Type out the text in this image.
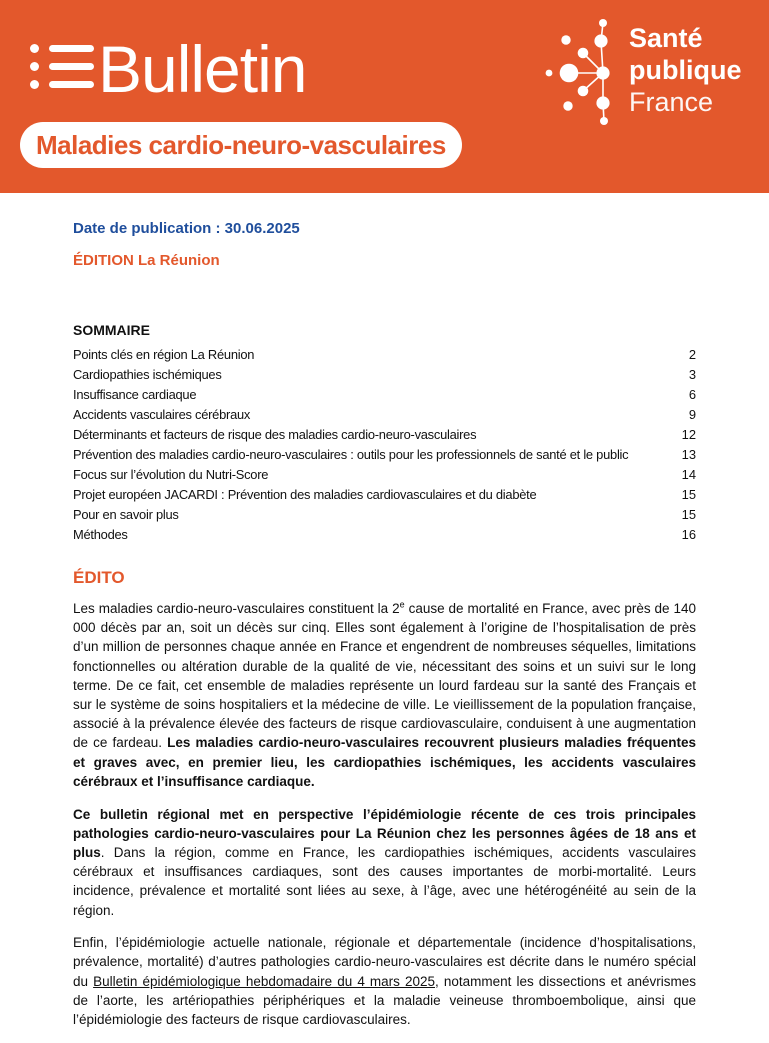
Bulletin	Santé
publique
France
Maladies cardio-neuro-vasculaires
Date de publication : 30.06.2025
ÉDITION La Réunion
SOMMAIRE
Points clés en région La Réunion	2
Cardiopathies ischémiques	3
Insuffisance cardiaque	6
Accidents vasculaires cérébraux	9
Déterminants et facteurs de risque des maladies cardio-neuro-vasculaires	12
Prévention des maladies cardio-neuro-vasculaires : outils pour les professionnels de santé et le public	13
Focus sur l’évolution du Nutri-Score	14
Projet européen JACARDI : Prévention des maladies cardiovasculaires et du diabète	15
Pour en savoir plus	15
Méthodes	16
ÉDITO

Les maladies cardio-neuro-vasculaires constituent la 2e cause de mortalité en France, avec près de 140 000 décès par an, soit un décès sur cinq. Elles sont également à l’origine de l’hospitalisation de près d’un million de personnes chaque année en France et engendrent de nombreuses séquelles, limitations fonctionnelles ou altération durable de la qualité de vie, nécessitant des soins et un suivi sur le long terme. De ce fait, cet ensemble de maladies représente un lourd fardeau sur la santé des Français et sur le système de soins hospitaliers et la médecine de ville. Le vieillissement de la population française, associé à la prévalence élevée des facteurs de risque cardiovasculaire, conduisent à une augmentation de ce fardeau. Les maladies cardio-neuro-vasculaires recouvrent plusieurs maladies fréquentes et graves avec, en premier lieu, les cardiopathies ischémiques, les accidents vasculaires cérébraux et l’insuffisance cardiaque.

Ce bulletin régional met en perspective l’épidémiologie récente de ces trois principales pathologies cardio-neuro-vasculaires pour La Réunion chez les personnes âgées de 18 ans et plus. Dans la région, comme en France, les cardiopathies ischémiques, accidents vasculaires cérébraux et insuffisances cardiaques, sont des causes importantes de morbi-mortalité. Leurs incidence, prévalence et mortalité sont liées au sexe, à l’âge, avec une hétérogénéité au sein de la région.

Enfin, l’épidémiologie actuelle nationale, régionale et départementale (incidence d’hospitalisations, prévalence, mortalité) d’autres pathologies cardio-neuro-vasculaires est décrite dans le numéro spécial du Bulletin épidémiologique hebdomadaire du 4 mars 2025, notamment les dissections et anévrismes de l’aorte, les artériopathies périphériques et la maladie veineuse thromboembolique, ainsi que l’épidémiologie des facteurs de risque cardiovasculaires.
